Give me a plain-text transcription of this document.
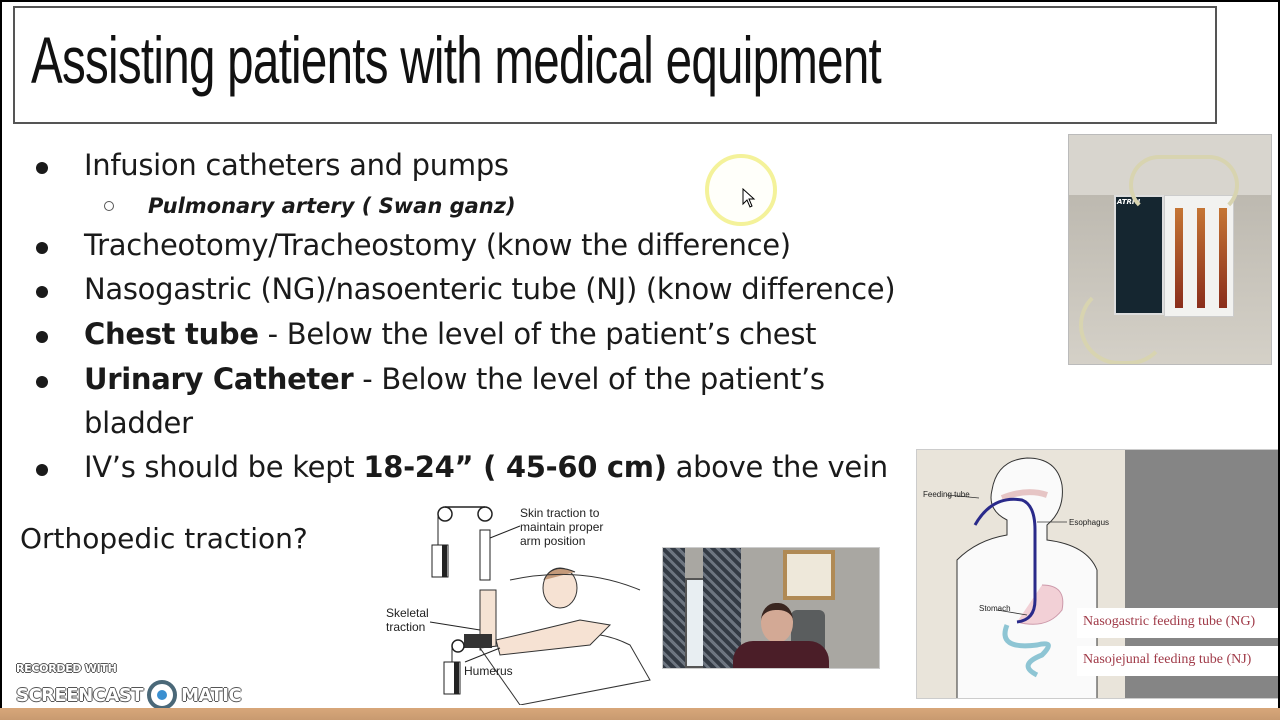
Assisting patients with medical equipment
Infusion catheters and pumps
Pulmonary artery ( Swan ganz)
Tracheotomy/Tracheostomy (know the difference)
Nasogastric (NG)/nasoenteric tube (NJ) (know difference)
Chest tube - Below the level of the patient’s chest
Urinary Catheter - Below the level of the patient’s
bladder
IV’s should be kept 18-24” ( 45-60 cm) above the vein
Orthopedic traction?
ATRIU
Skin traction to
maintain proper
arm position
Skeletal
traction
Humerus
Feeding tube
Esophagus
Stomach
Nasogastric feeding tube (NG)
Nasojejunal feeding tube (NJ)
RECORDED WITH
SCREENCAST MATIC
